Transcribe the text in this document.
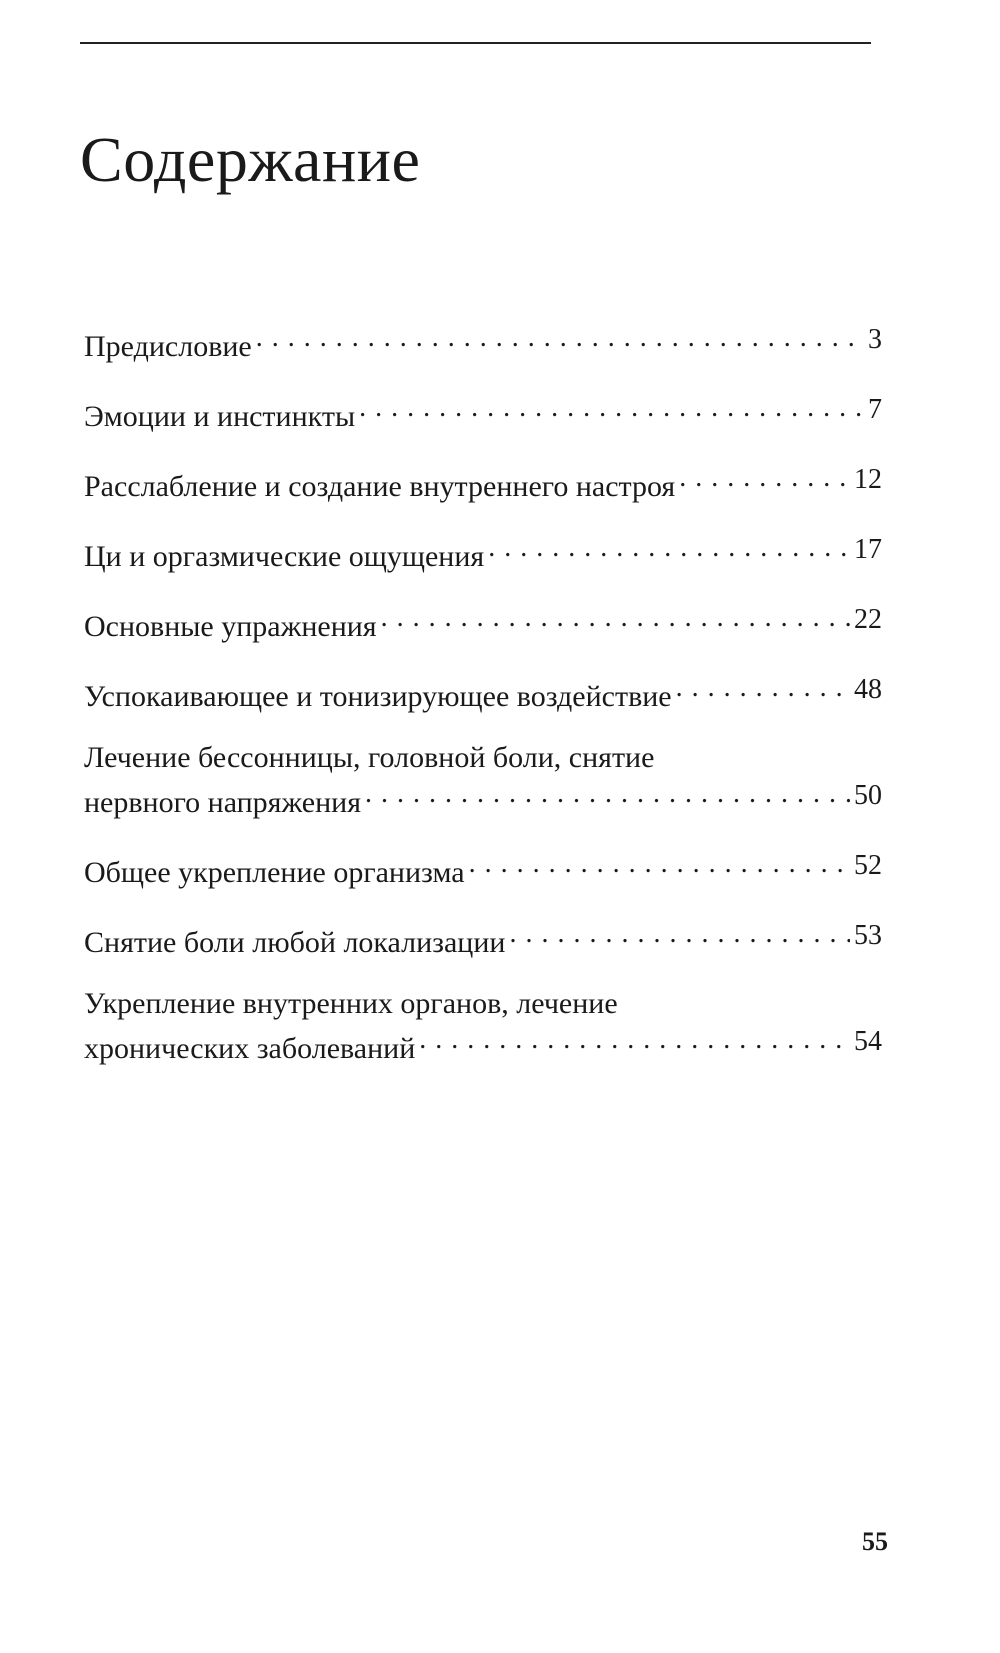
Содержание
Предисловие . . .	3
Эмоции и инстинкты . . .	7
Расслабление и создание внутреннего настроя . . .	12
Ци и оргазмические ощущения . . .	17
Основные упражнения . . .	22
Успокаивающее и тонизирующее воздействие . . .	48
Лечение бессонницы, головной боли, снятие
нервного напряжения . . .	50
Общее укрепление организма . . .	52
Снятие боли любой локализации . . .	53
Укрепление внутренних органов, лечение
хронических заболеваний . . .	54

55
